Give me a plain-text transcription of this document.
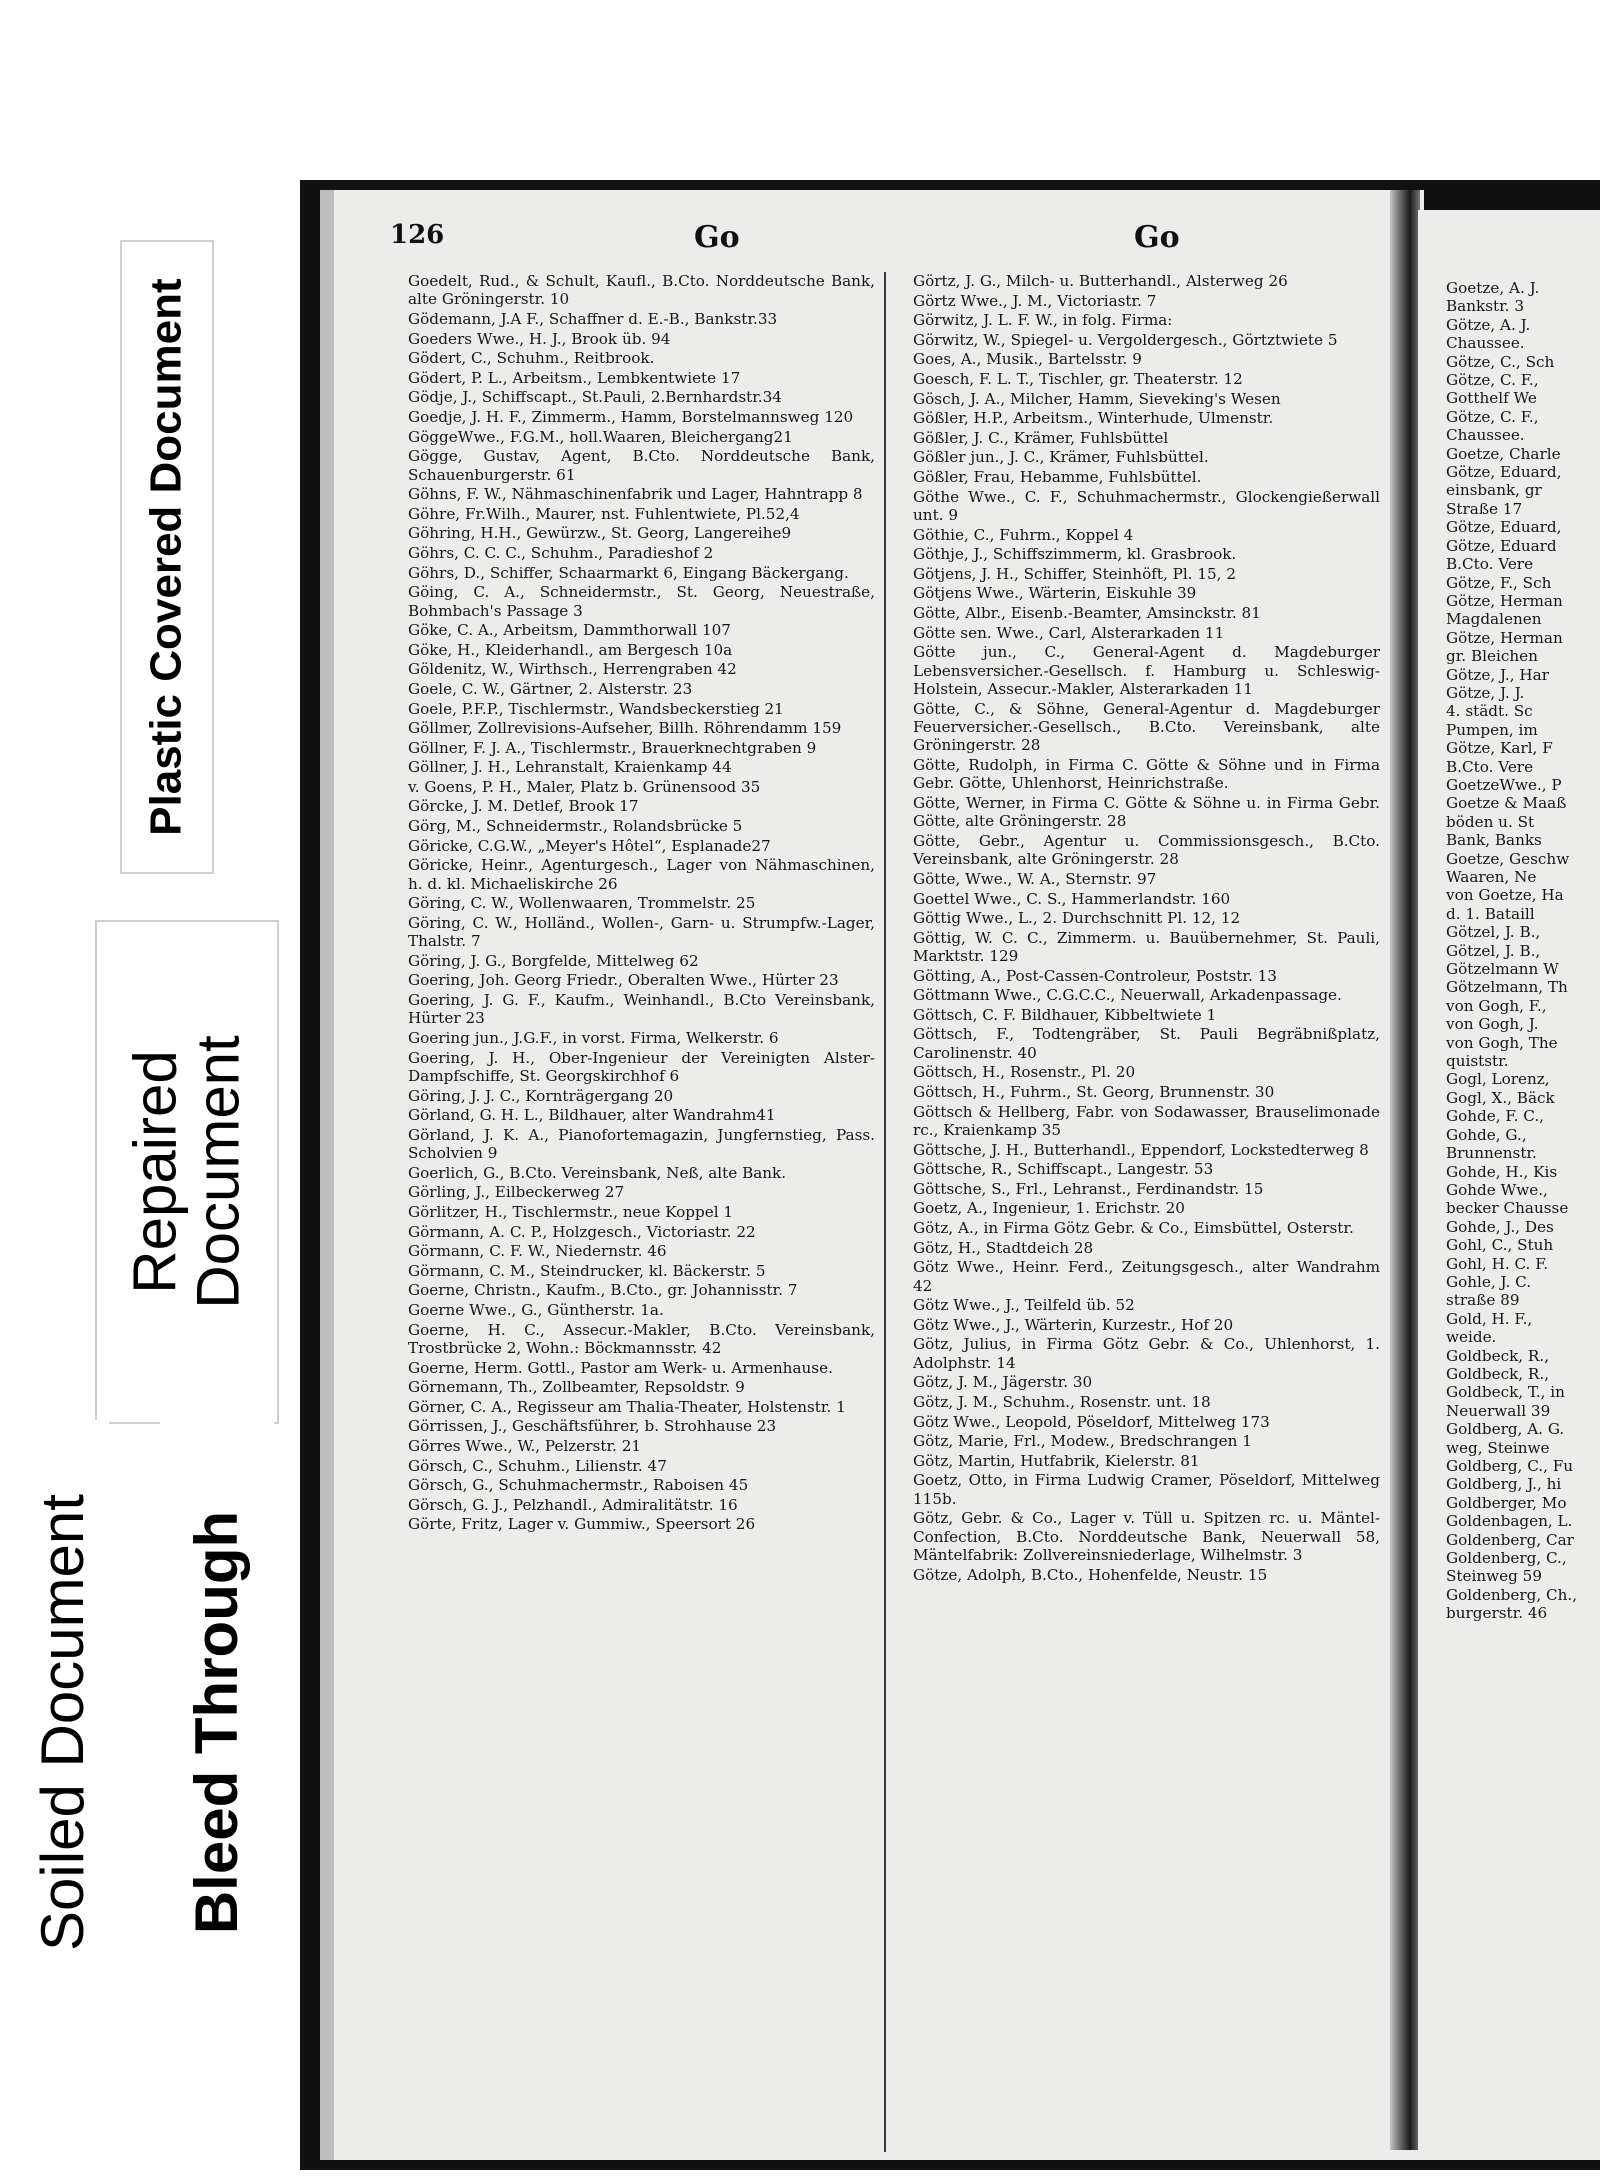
Plastic Covered Document
Repaired
Document
Soiled Document Bleed Through
126	Go	Go
Goedelt, Rud., & Schult, Kaufl., B.Cto. Norddeutsche Bank, alte Gröningerstr. 10
Gödemann, J.A F., Schaffner d. E.-B., Bankstr.33
Goeders Wwe., H. J., Brook üb. 94
Gödert, C., Schuhm., Reitbrook.
Gödert, P. L., Arbeitsm., Lembkentwiete 17
Gödje, J., Schiffscapt., St.Pauli, 2.Bernhardstr.34
Goedje, J. H. F., Zimmerm., Hamm, Borstelmannsweg 120
GöggeWwe., F.G.M., holl.Waaren, Bleichergang21
Gögge, Gustav, Agent, B.Cto. Norddeutsche Bank, Schauenburgerstr. 61
Göhns, F. W., Nähmaschinenfabrik und Lager, Hahntrapp 8
Göhre, Fr.Wilh., Maurer, nst. Fuhlentwiete, Pl.52,4
Göhring, H.H., Gewürzw., St. Georg, Langereihe9
Göhrs, C. C. C., Schuhm., Paradieshof 2
Göhrs, D., Schiffer, Schaarmarkt 6, Eingang Bäckergang.
Göing, C. A., Schneidermstr., St. Georg, Neuestraße, Bohmbach's Passage 3
Göke, C. A., Arbeitsm, Dammthorwall 107
Göke, H., Kleiderhandl., am Bergesch 10a
Göldenitz, W., Wirthsch., Herrengraben 42
Goele, C. W., Gärtner, 2. Alsterstr. 23
Goele, P.F.P., Tischlermstr., Wandsbeckerstieg 21
Göllmer, Zollrevisions-Aufseher, Billh. Röhrendamm 159
Göllner, F. J. A., Tischlermstr., Brauerknechtgraben 9
Göllner, J. H., Lehranstalt, Kraienkamp 44
v. Goens, P. H., Maler, Platz b. Grünensood 35
Görcke, J. M. Detlef, Brook 17
Görg, M., Schneidermstr., Rolandsbrücke 5
Göricke, C.G.W., „Meyer's Hôtel“, Esplanade27
Göricke, Heinr., Agenturgesch., Lager von Nähmaschinen, h. d. kl. Michaeliskirche 26
Göring, C. W., Wollenwaaren, Trommelstr. 25
Göring, C. W., Holländ., Wollen-, Garn- u. Strumpfw.-Lager, Thalstr. 7
Göring, J. G., Borgfelde, Mittelweg 62
Goering, Joh. Georg Friedr., Oberalten Wwe., Hürter 23
Goering, J. G. F., Kaufm., Weinhandl., B.Cto Vereinsbank, Hürter 23
Goering jun., J.G.F., in vorst. Firma, Welkerstr. 6
Goering, J. H., Ober-Ingenieur der Vereinigten Alster-Dampfschiffe, St. Georgskirchhof 6
Göring, J. J. C., Kornträgergang 20
Görland, G. H. L., Bildhauer, alter Wandrahm41
Görland, J. K. A., Pianofortemagazin, Jungfernstieg, Pass. Scholvien 9
Goerlich, G., B.Cto. Vereinsbank, Neß, alte Bank.
Görling, J., Eilbeckerweg 27
Görlitzer, H., Tischlermstr., neue Koppel 1
Görmann, A. C. P., Holzgesch., Victoriastr. 22
Görmann, C. F. W., Niedernstr. 46
Görmann, C. M., Steindrucker, kl. Bäckerstr. 5
Goerne, Christn., Kaufm., B.Cto., gr. Johannisstr. 7
Goerne Wwe., G., Güntherstr. 1a.
Goerne, H. C., Assecur.-Makler, B.Cto. Vereinsbank, Trostbrücke 2, Wohn.: Böckmannsstr. 42
Goerne, Herm. Gottl., Pastor am Werk- u. Armenhause.
Görnemann, Th., Zollbeamter, Repsoldstr. 9
Görner, C. A., Regisseur am Thalia-Theater, Holstenstr. 1
Görrissen, J., Geschäftsführer, b. Strohhause 23
Görres Wwe., W., Pelzerstr. 21
Görsch, C., Schuhm., Lilienstr. 47
Görsch, G., Schuhmachermstr., Raboisen 45
Görsch, G. J., Pelzhandl., Admiralitätstr. 16
Görte, Fritz, Lager v. Gummiw., Speersort 26
Görtz, J. G., Milch- u. Butterhandl., Alsterweg 26
Görtz Wwe., J. M., Victoriastr. 7
Görwitz, J. L. F. W., in folg. Firma:
Görwitz, W., Spiegel- u. Vergoldergesch., Görtztwiete 5
Goes, A., Musik., Bartelsstr. 9
Goesch, F. L. T., Tischler, gr. Theaterstr. 12
Gösch, J. A., Milcher, Hamm, Sieveking's Wesen
Gößler, H.P., Arbeitsm., Winterhude, Ulmenstr.
Gößler, J. C., Krämer, Fuhlsbüttel
Gößler jun., J. C., Krämer, Fuhlsbüttel.
Gößler, Frau, Hebamme, Fuhlsbüttel.
Göthe Wwe., C. F., Schuhmachermstr., Glockengießerwall unt. 9
Göthie, C., Fuhrm., Koppel 4
Göthje, J., Schiffszimmerm, kl. Grasbrook.
Götjens, J. H., Schiffer, Steinhöft, Pl. 15, 2
Götjens Wwe., Wärterin, Eiskuhle 39
Götte, Albr., Eisenb.-Beamter, Amsinckstr. 81
Götte sen. Wwe., Carl, Alsterarkaden 11
Götte jun., C., General-Agent d. Magdeburger Lebensversicher.-Gesellsch. f. Hamburg u. Schleswig-Holstein, Assecur.-Makler, Alsterarkaden 11
Götte, C., & Söhne, General-Agentur d. Magdeburger Feuerversicher.-Gesellsch., B.Cto. Vereinsbank, alte Gröningerstr. 28
Götte, Rudolph, in Firma C. Götte & Söhne und in Firma Gebr. Götte, Uhlenhorst, Heinrichstraße.
Götte, Werner, in Firma C. Götte & Söhne u. in Firma Gebr. Götte, alte Gröningerstr. 28
Götte, Gebr., Agentur u. Commissionsgesch., B.Cto. Vereinsbank, alte Gröningerstr. 28
Götte, Wwe., W. A., Sternstr. 97
Goettel Wwe., C. S., Hammerlandstr. 160
Göttig Wwe., L., 2. Durchschnitt Pl. 12, 12
Göttig, W. C. C., Zimmerm. u. Bauübernehmer, St. Pauli, Marktstr. 129
Götting, A., Post-Cassen-Controleur, Poststr. 13
Göttmann Wwe., C.G.C.C., Neuerwall, Arkadenpassage.
Göttsch, C. F. Bildhauer, Kibbeltwiete 1
Göttsch, F., Todtengräber, St. Pauli Begräbnißplatz, Carolinenstr. 40
Göttsch, H., Rosenstr., Pl. 20
Göttsch, H., Fuhrm., St. Georg, Brunnenstr. 30
Göttsch & Hellberg, Fabr. von Sodawasser, Brauselimonade rc., Kraienkamp 35
Göttsche, J. H., Butterhandl., Eppendorf, Lockstedterweg 8
Göttsche, R., Schiffscapt., Langestr. 53
Göttsche, S., Frl., Lehranst., Ferdinandstr. 15
Goetz, A., Ingenieur, 1. Erichstr. 20
Götz, A., in Firma Götz Gebr. & Co., Eimsbüttel, Osterstr.
Götz, H., Stadtdeich 28
Götz Wwe., Heinr. Ferd., Zeitungsgesch., alter Wandrahm 42
Götz Wwe., J., Teilfeld üb. 52
Götz Wwe., J., Wärterin, Kurzestr., Hof 20
Götz, Julius, in Firma Götz Gebr. & Co., Uhlenhorst, 1. Adolphstr. 14
Götz, J. M., Jägerstr. 30
Götz, J. M., Schuhm., Rosenstr. unt. 18
Götz Wwe., Leopold, Pöseldorf, Mittelweg 173
Götz, Marie, Frl., Modew., Bredschrangen 1
Götz, Martin, Hutfabrik, Kielerstr. 81
Goetz, Otto, in Firma Ludwig Cramer, Pöseldorf, Mittelweg 115b.
Götz, Gebr. & Co., Lager v. Tüll u. Spitzen rc. u. Mäntel-Confection, B.Cto. Norddeutsche Bank, Neuerwall 58, Mäntelfabrik: Zollvereinsniederlage, Wilhelmstr. 3
Götze, Adolph, B.Cto., Hohenfelde, Neustr. 15
Goetze, A. J.
Bankstr. 3
Götze, A. J.
Chaussee.
Götze, C., Sch
Götze, C. F.,
Gotthelf We
Götze, C. F.,
Chaussee.
Goetze, Charle
Götze, Eduard,
einsbank, gr
Straße 17
Götze, Eduard,
Götze, Eduard
B.Cto. Vere
Götze, F., Sch
Götze, Herman
Magdalenen
Götze, Herman
gr. Bleichen
Götze, J., Har
Götze, J. J.
4. städt. Sc
Pumpen, im
Götze, Karl, F
B.Cto. Vere
GoetzeWwe., P
Goetze & Maaß
böden u. St
Bank, Banks
Goetze, Geschw
Waaren, Ne
von Goetze, Ha
d. 1. Bataill
Götzel, J. B.,
Götzel, J. B.,
Götzelmann W
Götzelmann, Th
von Gogh, F.,
von Gogh, J.
von Gogh, The
quiststr.
Gogl, Lorenz,
Gogl, X., Bäck
Gohde, F. C.,
Gohde, G.,
Brunnenstr.
Gohde, H., Kis
Gohde Wwe.,
becker Chausse
Gohde, J., Des
Gohl, C., Stuh
Gohl, H. C. F.
Gohle, J. C.
straße 89
Gold, H. F.,
weide.
Goldbeck, R.,
Goldbeck, R.,
Goldbeck, T., in
Neuerwall 39
Goldberg, A. G.
weg, Steinwe
Goldberg, C., Fu
Goldberg, J., hi
Goldberger, Mo
Goldenbagen, L.
Goldenberg, Car
Goldenberg, C.,
Steinweg 59
Goldenberg, Ch.,
burgerstr. 46
